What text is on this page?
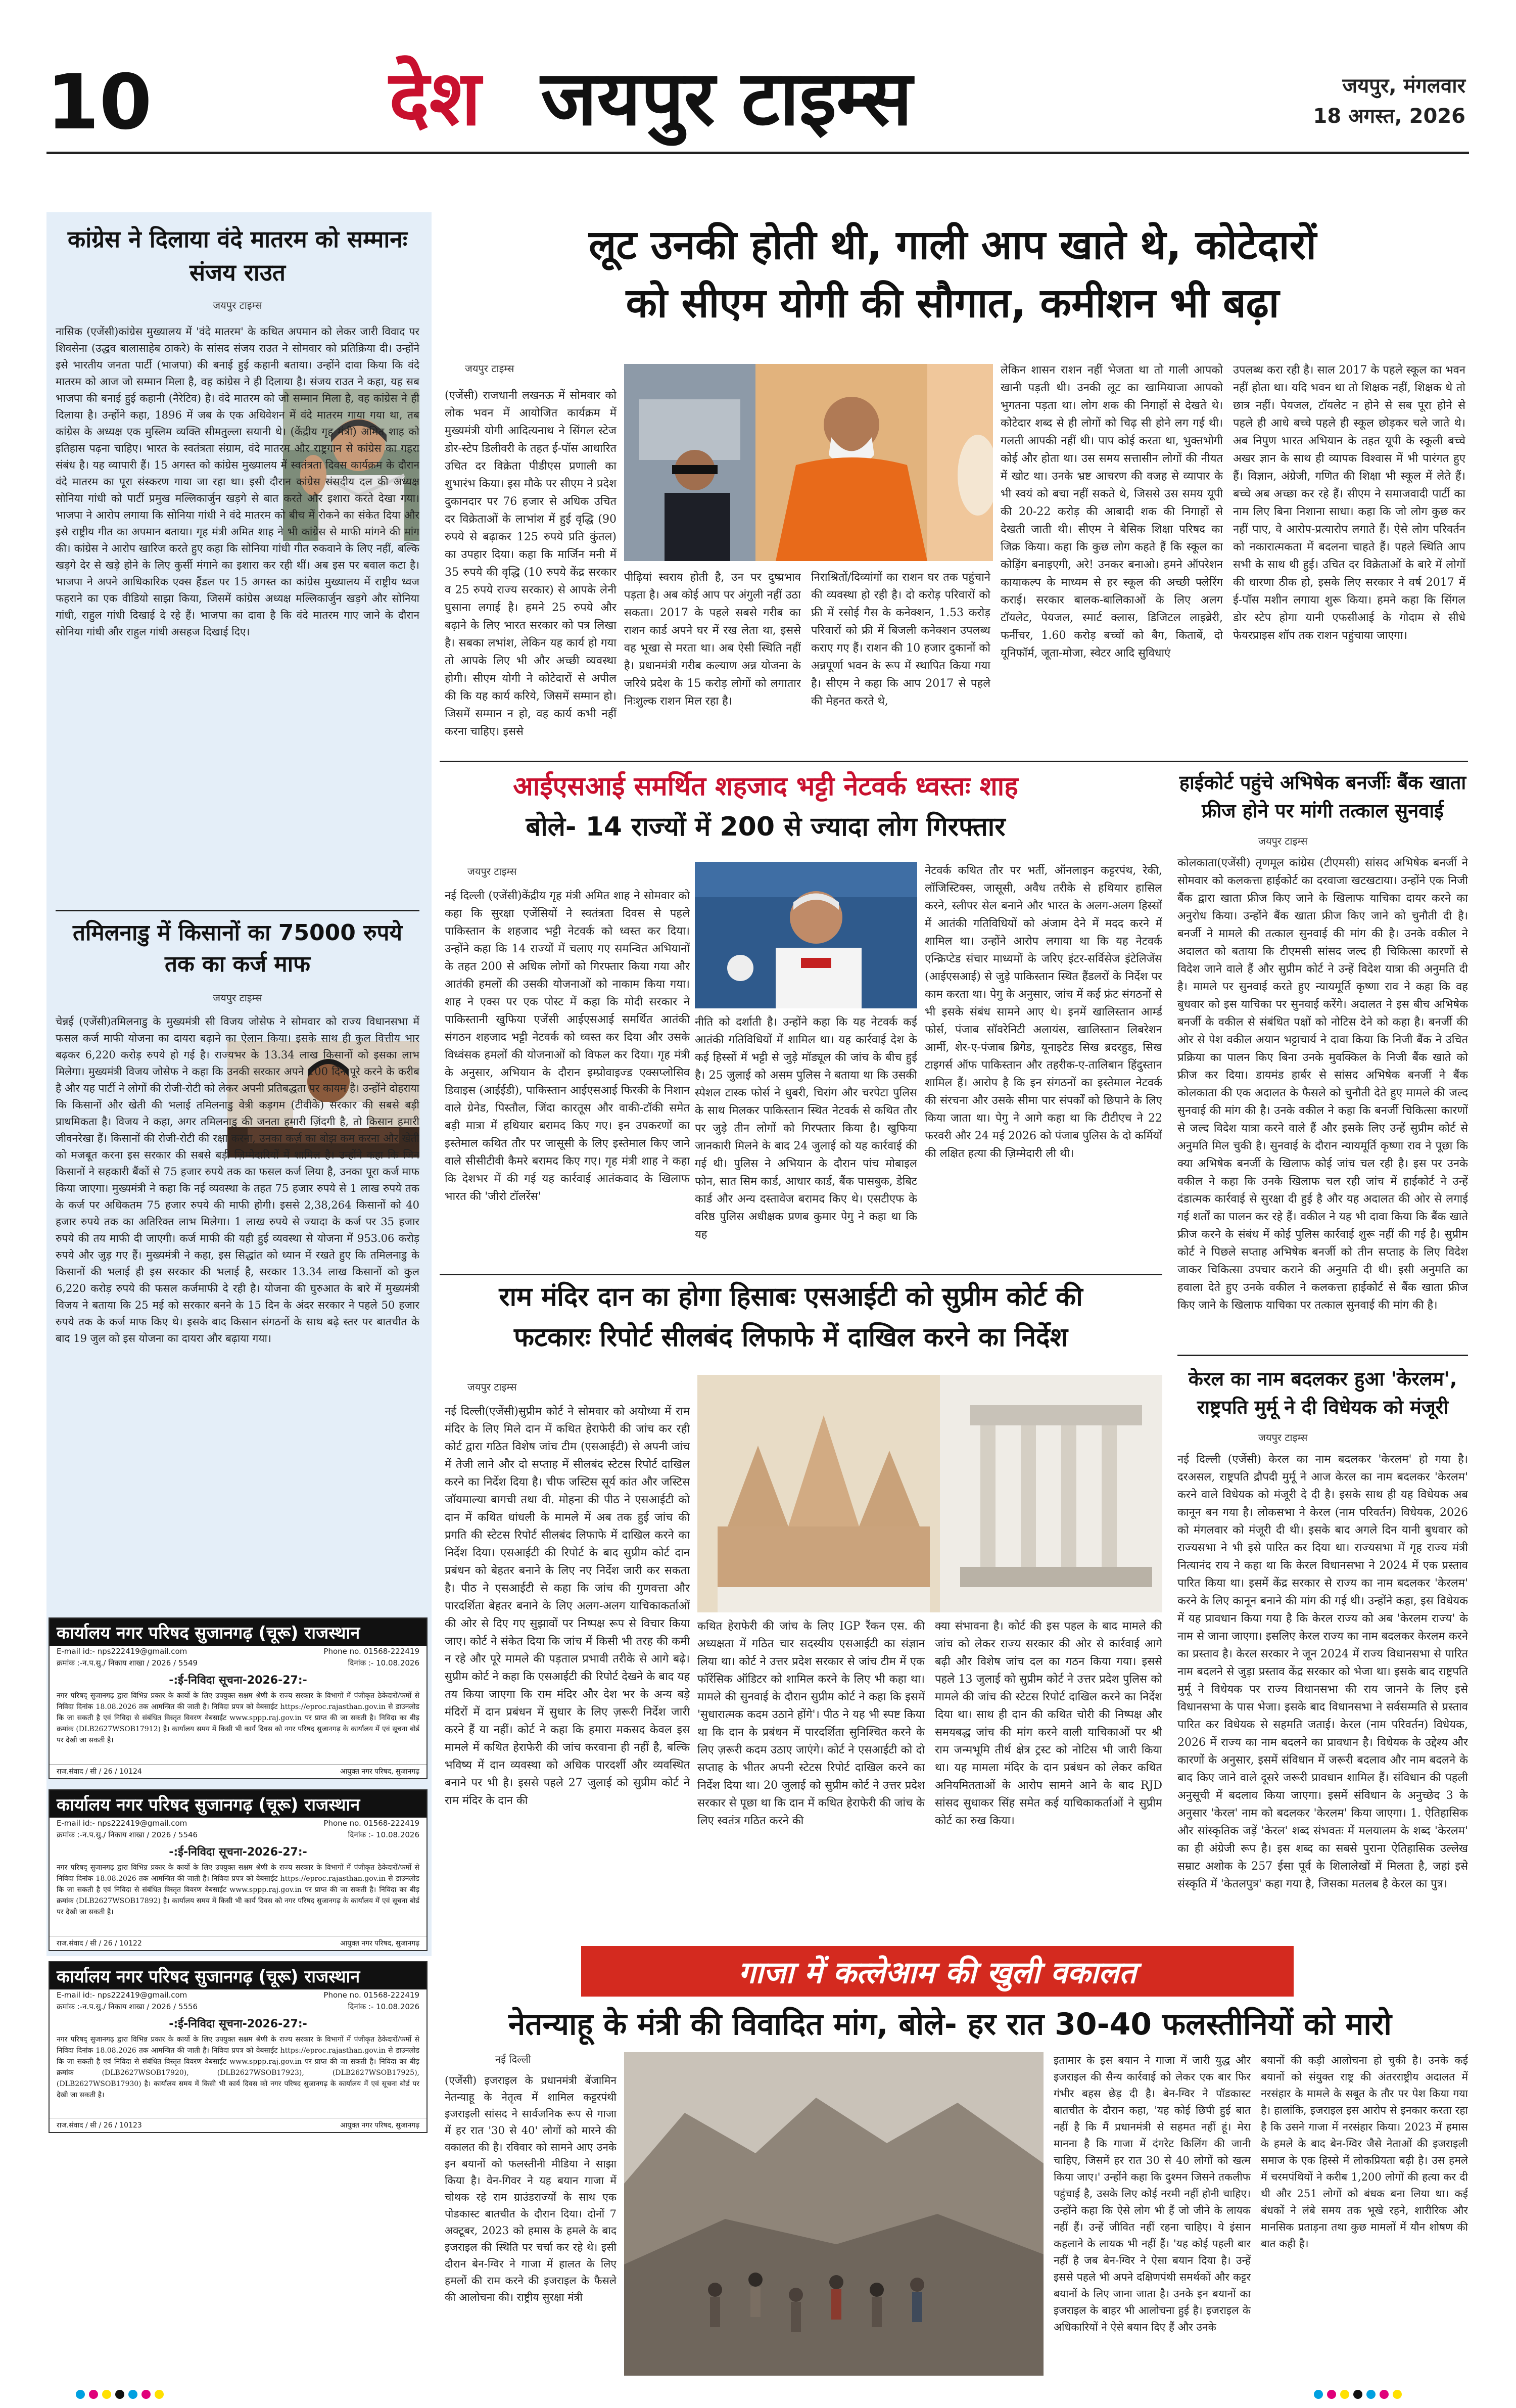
10	देश जयपुर टाइम्स	जयपुर, मंगलवार
18 अगस्त, 2026
कांग्रेस ने दिलाया वंदे मातरम को सम्मानः संजय राउत
जयपुर टाइम्स
नासिक (एजेंसी)कांग्रेस मुख्यालय में 'वंदे मातरम' के कथित अपमान को लेकर जारी विवाद पर शिवसेना (उद्धव बालासाहेब ठाकरे) के सांसद संजय राउत ने सोमवार को प्रतिक्रिया दी। उन्होंने इसे भारतीय जनता पार्टी (भाजपा) की बनाई हुई कहानी बताया। उन्होंने दावा किया कि वंदे मातरम को आज जो सम्मान मिला है, वह कांग्रेस ने ही दिलाया है। संजय राउत ने कहा, यह सब भाजपा की बनाई हुई कहानी (नैरेटिव) है। वंदे मातरम को जो सम्मान मिला है, वह कांग्रेस ने ही दिलाया है। उन्होंने कहा, 1896 में जब के एक अधिवेशन में वंदे मातरम गाया गया था, तब कांग्रेस के अध्यक्ष एक मुस्लिम व्यक्ति सीमतुल्ला सयानी थे। (केंद्रीय गृह मंत्री) अमित शाह को इतिहास पढ़ना चाहिए। भारत के स्वतंत्रता संग्राम, वंदे मातरम और राष्ट्रगान से कांग्रेस का गहरा संबंध है। यह व्यापारी हैं। 15 अगस्त को कांग्रेस मुख्यालय में स्वतंत्रता दिवस कार्यक्रम के दौरान वंदे मातरम का पूरा संस्करण गाया जा रहा था। इसी दौरान कांग्रेस संसदीय दल की अध्यक्ष सोनिया गांधी को पार्टी प्रमुख मल्लिकार्जुन खड़गे से बात करते और इशारा करते देखा गया। भाजपा ने आरोप लगाया कि सोनिया गांधी ने वंदे मातरम को बीच में रोकने का संकेत दिया और इसे राष्ट्रीय गीत का अपमान बताया। गृह मंत्री अमित शाह ने भी कांग्रेस से माफी मांगने की मांग की। कांग्रेस ने आरोप खारिज करते हुए कहा कि सोनिया गांधी गीत रुकवाने के लिए नहीं, बल्कि खड़गे देर से खड़े होने के लिए कुर्सी मंगाने का इशारा कर रही थीं। अब इस पर बवाल कटा है। भाजपा ने अपने आधिकारिक एक्स हैंडल पर 15 अगस्त का कांग्रेस मुख्यालय में राष्ट्रीय ध्वज फहराने का एक वीडियो साझा किया, जिसमें कांग्रेस अध्यक्ष मल्लिकार्जुन खड़गे और सोनिया गांधी, राहुल गांधी दिखाई दे रहे हैं। भाजपा का दावा है कि वंदे मातरम गाए जाने के दौरान सोनिया गांधी और राहुल गांधी असहज दिखाई दिए।
तमिलनाडु में किसानों का 75000 रुपये तक का कर्ज माफ
जयपुर टाइम्स
चेन्नई (एजेंसी)तमिलनाडु के मुख्यमंत्री सी विजय जोसेफ ने सोमवार को राज्य विधानसभा में फसल कर्ज माफी योजना का दायरा बढ़ाने का ऐलान किया। इसके साथ ही कुल वित्तीय भार बढ़कर 6,220 करोड़ रुपये हो गई है। राज्यभर के 13.34 लाख किसानों को इसका लाभ मिलेगा। मुख्यमंत्री विजय जोसेफ ने कहा कि उनकी सरकार अपने 100 दिन पूरे करने के करीब है और यह पार्टी ने लोगों की रोजी-रोटी को लेकर अपनी प्रतिबद्धता पर कायम है। उन्होंने दोहराया कि किसानों और खेती की भलाई तमिलनाडु वेत्री कड़गम (टीवीके) सरकार की सबसे बड़ी प्राथमिकता है। विजय ने कहा, अगर तमिलनाडु की जनता हमारी ज़िंदगी है, तो किसान हमारी जीवनरेखा हैं। किसानों की रोजी-रोटी की रक्षा करना, उनका कर्ज़ का बोझ कम करना और खेती को मजबूत करना इस सरकार की सबसे बड़ी ज़िम्मेदारियों में शामिल है। उन्होंने कहा कि जिन किसानों ने सहकारी बैंकों से 75 हजार रुपये तक का फसल कर्ज लिया है, उनका पूरा कर्ज माफ किया जाएगा। मुख्यमंत्री ने कहा कि नई व्यवस्था के तहत 75 हजार रुपये से 1 लाख रुपये तक के कर्ज पर अधिकतम 75 हजार रुपये की माफी होगी। इससे 2,38,264 किसानों को 40 हजार रुपये तक का अतिरिक्त लाभ मिलेगा। 1 लाख रुपये से ज्यादा के कर्ज पर 35 हजार रुपये की तय माफी दी जाएगी। कर्ज माफी की यही हुई व्यवस्था से योजना में 953.06 करोड़ रुपये और जुड़ गए हैं। मुख्यमंत्री ने कहा, इस सिद्धांत को ध्यान में रखते हुए कि तमिलनाडु के किसानों की भलाई ही इस सरकार की भलाई है, सरकार 13.34 लाख किसानों को कुल 6,220 करोड़ रुपये की फसल कर्जमाफी दे रही है। योजना की घुरुआत के बारे में मुख्यमंत्री विजय ने बताया कि 25 मई को सरकार बनने के 15 दिन के अंदर सरकार ने पहले 50 हजार रुपये तक के कर्ज माफ किए थे। इसके बाद किसान संगठनों के साथ बढ़े स्तर पर बातचीत के बाद 19 जुल को इस योजना का दायरा और बढ़ाया गया।
कार्यालय नगर परिषद सुजानगढ़ (चूरू) राजस्थान
E-mail id:- nps222419@gmail.com	Phone no. 01568-222419
क्रमांक :-न.प.सु./ निकाय शाखा / 2026 / 5549	दिनांक :- 10.08.2026
-:ई-निविदा सूचना-2026-27:-
नगर परिषद् सुजानगढ़ द्वारा विभिन्न प्रकार के कार्यो के लिए उपयुक्त सक्षम श्रेणी के राज्य सरकार के विभागों में पंजीकृत ठेकेदारों/फर्मो से निविदा दिनांक 18.08.2026 तक आमन्त्रित की जाती है। निविदा प्रपत्र को वेबसाईट https://eproc.rajasthan.gov.in से डाउनलोड कि जा सकती है एवं निविदा से संबंधित विस्तृत विवरण वेबसाईट www.sppp.raj.gov.in पर प्राप्त की जा सकती है। निविदा का बीड़ क्रमांक (DLB2627WSOB17912) है। कार्यालय समय में किसी भी कार्य दिवस को नगर परिषद सुजानगढ़ के कार्यालय में एवं सूचना बोर्ड पर देखी जा सकती है।
राज.संवाद / सी / 26 / 10124	आयुक्त नगर परिषद, सुजानगढ़
कार्यालय नगर परिषद सुजानगढ़ (चूरू) राजस्थान
E-mail id:- nps222419@gmail.com	Phone no. 01568-222419
क्रमांक :-न.प.सु./ निकाय शाखा / 2026 / 5546	दिनांक :- 10.08.2026
-:ई-निविदा सूचना-2026-27:-
नगर परिषद् सुजानगढ़ द्वारा विभिन्न प्रकार के कार्यो के लिए उपयुक्त सक्षम श्रेणी के राज्य सरकार के विभागों में पंजीकृत ठेकेदारों/फर्मो से निविदा दिनांक 18.08.2026 तक आमन्त्रित की जाती है। निविदा प्रपत्र को वेबसाईट https://eproc.rajasthan.gov.in से डाउनलोड कि जा सकती है एवं निविदा से संबंधित विस्तृत विवरण वेबसाईट www.sppp.raj.gov.in पर प्राप्त की जा सकती है। निविदा का बीड़ क्रमांक (DLB2627WSOB17892) है। कार्यालय समय में किसी भी कार्य दिवस को नगर परिषद सुजानगढ़ के कार्यालय में एवं सूचना बोर्ड पर देखी जा सकती है।
राज.संवाद / सी / 26 / 10122	आयुक्त नगर परिषद, सुजानगढ़
कार्यालय नगर परिषद सुजानगढ़ (चूरू) राजस्थान
E-mail id:- nps222419@gmail.com	Phone no. 01568-222419
क्रमांक :-न.प.सु./ निकाय शाखा / 2026 / 5556	दिनांक :- 10.08.2026
-:ई-निविदा सूचना-2026-27:-
नगर परिषद् सुजानगढ़ द्वारा विभिन्न प्रकार के कार्यो के लिए उपयुक्त सक्षम श्रेणी के राज्य सरकार के विभागों में पंजीकृत ठेकेदारों/फर्मो से निविदा दिनांक 18.08.2026 तक आमन्त्रित की जाती है। निविदा प्रपत्र को वेबसाईट https://eproc.rajasthan.gov.in से डाउनलोड कि जा सकती है एवं निविदा से संबंधित विस्तृत विवरण वेबसाईट www.sppp.raj.gov.in पर प्राप्त की जा सकती है। निविदा का बीड़ क्रमांक (DLB2627WSOB17920), (DLB2627WSOB17923), (DLB2627WSOB17925), (DLB2627WSOB17930) है। कार्यालय समय में किसी भी कार्य दिवस को नगर परिषद सुजानगढ़ के कार्यालय में एवं सूचना बोर्ड पर देखी जा सकती है।
राज.संवाद / सी / 26 / 10123	आयुक्त नगर परिषद, सुजानगढ़
लूट उनकी होती थी, गाली आप खाते थे, कोटेदारों
को सीएम योगी की सौगात, कमीशन भी बढ़ा
जयपुर टाइम्स
(एजेंसी) राजधानी लखनऊ में सोमवार को लोक भवन में आयोजित कार्यक्रम में मुख्यमंत्री योगी आदित्यनाथ ने सिंगल स्टेज डोर-स्टेप डिलीवरी के तहत ई-पॉस आधारित उचित दर विक्रेता पीडीएस प्रणाली का शुभारंभ किया। इस मौके पर सीएम ने प्रदेश दुकानदार पर 76 हजार से अधिक उचित दर विक्रेताओं के लाभांश में हुई वृद्धि (90 रुपये से बढ़ाकर 125 रुपये प्रति कुंतल) का उपहार दिया। कहा कि मार्जिन मनी में 35 रुपये की वृद्धि (10 रुपये केंद्र सरकार व 25 रुपये राज्य सरकार) से आपके लेनी घुसाना लगाई है। हमने 25 रुपये और बढ़ाने के लिए भारत सरकार को पत्र लिखा है। सबका लभांश, लेकिन यह कार्य हो गया तो आपके लिए भी और अच्छी व्यवस्था होगी। सीएम योगी ने कोटेदारों से अपील की कि यह कार्य करिये, जिसमें सम्मान हो। जिसमें सम्मान न हो, वह कार्य कभी नहीं करना चाहिए। इससे
पीढ़ियां स्वराय होती है, उन पर दुष्प्रभाव पड़ता है। अब कोई आप पर अंगुली नहीं उठा सकता। 2017 के पहले सबसे गरीब का राशन कार्ड अपने घर में रख लेता था, इससे वह भूखा से मरता था। अब ऐसी स्थिति नहीं है। प्रधानमंत्री गरीब कल्याण अन्न योजना के जरिये प्रदेश के 15 करोड़ लोगों को लगातार निःशुल्क राशन मिल रहा है।
निराश्रितों/दिव्यांगों का राशन घर तक पहुंचाने की व्यवस्था हो रही है। दो करोड़ परिवारों को फ्री में रसोई गैस के कनेक्शन, 1.53 करोड़ परिवारों को फ्री में बिजली कनेक्शन उपलब्ध कराए गए हैं। राशन की 10 हजार दुकानों को अन्नपूर्णा भवन के रूप में स्थापित किया गया है। सीएम ने कहा कि आप 2017 से पहले की मेहनत करते थे,
लेकिन शासन राशन नहीं भेजता था तो गाली आपको खानी पड़ती थी। उनकी लूट का खामियाजा आपको भुगतना पड़ता था। लोग शक की निगाहों से देखते थे। कोटेदार शब्द से ही लोगों को चिढ़ सी होने लग गई थी। गलती आपकी नहीं थी। पाप कोई करता था, भुक्तभोगी कोई और होता था। उस समय सत्तासीन लोगों की नीयत में खोट था। उनके भ्रष्ट आचरण की वजह से व्यापार के भी स्वयं को बचा नहीं सकते थे, जिससे उस समय यूपी की 20-22 करोड़ की आबादी शक की निगाहों से देखती जाती थी। सीएम ने बेसिक शिक्षा परिषद का जिक्र किया। कहा कि कुछ लोग कहते हैं कि स्कूल का कोड़िंग बनाइएगी, अरे! उनकर बनाओ। हमने ऑपरेशन कायाकल्प के माध्यम से हर स्कूल की अच्छी फ्लेरिंग कराई। सरकार बालक-बालिकाओं के लिए अलग टॉयलेट, पेयजल, स्मार्ट क्लास, डिजिटल लाइब्रेरी, फर्नीचर, 1.60 करोड़ बच्चों को बैग, किताबें, दो यूनिफॉर्म, जूता-मोजा, स्वेटर आदि सुविधाएं
उपलब्ध करा रही है। साल 2017 के पहले स्कूल का भवन नहीं होता था। यदि भवन था तो शिक्षक नहीं, शिक्षक थे तो छात्र नहीं। पेयजल, टॉयलेट न होने से सब पूरा होने से पहले ही आधे बच्चे पहले ही स्कूल छोड़कर चले जाते थे। अब निपुण भारत अभियान के तहत यूपी के स्कूली बच्चे अखर ज्ञान के साथ ही व्यापक विश्वास में भी पारंगत हुए हैं। विज्ञान, अंग्रेजी, गणित की शिक्षा भी स्कूल में लेते हैं। बच्चे अब अच्छा कर रहे हैं। सीएम ने समाजवादी पार्टी का नाम लिए बिना निशाना साधा। कहा कि जो लोग कुछ कर नहीं पाए, वे आरोप-प्रत्यारोप लगाते हैं। ऐसे लोग परिवर्तन को नकारात्मकता में बदलना चाहते हैं। पहले स्थिति आप सभी के साथ थी हुई। उचित दर विक्रेताओं के बारे में लोगों की धारणा ठीक हो, इसके लिए सरकार ने वर्ष 2017 में ई-पॉस मशीन लगाया शुरू किया। हमने कहा कि सिंगल डोर स्टेप होगा यानी एफसीआई के गोदाम से सीधे फेयरप्राइस शॉप तक राशन पहुंचाया जाएगा।
आईएसआई समर्थित शहजाद भट्टी नेटवर्क ध्वस्तः शाह
बोले- 14 राज्यों में 200 से ज्यादा लोग गिरफ्तार
जयपुर टाइम्स
नई दिल्ली (एजेंसी)केंद्रीय गृह मंत्री अमित शाह ने सोमवार को कहा कि सुरक्षा एजेंसियों ने स्वतंत्रता दिवस से पहले पाकिस्तान के शहजाद भट्टी नेटवर्क को ध्वस्त कर दिया। उन्होंने कहा कि 14 राज्यों में चलाए गए समन्वित अभियानों के तहत 200 से अधिक लोगों को गिरफ्तार किया गया और आतंकी हमलों की उसकी योजनाओं को नाकाम किया गया। शाह ने एक्स पर एक पोस्ट में कहा कि मोदी सरकार ने पाकिस्तानी खुफिया एजेंसी आईएसआई समर्थित आतंकी संगठन शहजाद भट्टी नेटवर्क को ध्वस्त कर दिया और उसके विध्वंसक हमलों की योजनाओं को विफल कर दिया। गृह मंत्री के अनुसार, अभियान के दौरान इम्प्रोवाइज्ड एक्सप्लोसिव डिवाइस (आईईडी), पाकिस्तान आईएसआई फिरकी के निशान वाले ग्रेनेड, पिस्तौल, जिंदा कारतूस और वाकी-टॉकी समेत बड़ी मात्रा में हथियार बरामद किए गए। इन उपकरणों का इस्तेमाल कथित तौर पर जासूसी के लिए इस्तेमाल किए जाने वाले सीसीटीवी कैमरे बरामद किए गए। गृह मंत्री शाह ने कहा कि देशभर में की गई यह कार्रवाई आतंकवाद के खिलाफ भारत की 'जीरो टॉलरेंस'
नीति को दर्शाती है। उन्होंने कहा कि यह नेटवर्क कई आतंकी गतिविधियों में शामिल था। यह कार्रवाई देश के कई हिस्सों में भट्टी से जुड़े मॉड्यूल की जांच के बीच हुई है। 25 जुलाई को असम पुलिस ने बताया था कि उसकी स्पेशल टास्क फोर्स ने धुबरी, चिरांग और चरपेटा पुलिस के साथ मिलकर पाकिस्तान स्थित नेटवर्क से कथित तौर पर जुड़े तीन लोगों को गिरफ्तार किया है। खुफिया जानकारी मिलने के बाद 24 जुलाई को यह कार्रवाई की गई थी। पुलिस ने अभियान के दौरान पांच मोबाइल फोन, सात सिम कार्ड, आधार कार्ड, बैंक पासबुक, डेबिट कार्ड और अन्य दस्तावेज बरामद किए थे। एसटीएफ के वरिष्ठ पुलिस अधीक्षक प्रणब कुमार पेगु ने कहा था कि यह
नेटवर्क कथित तौर पर भर्ती, ऑनलाइन कट्टरपंथ, रेकी, लॉजिस्टिक्स, जासूसी, अवैध तरीके से हथियार हासिल करने, स्लीपर सेल बनाने और भारत के अलग-अलग हिस्सों में आतंकी गतिविधियों को अंजाम देने में मदद करने में शामिल था। उन्होंने आरोप लगाया था कि यह नेटवर्क एन्क्रिप्टेड संचार माध्यमों के जरिए इंटर-सर्विसेज इंटेलिजेंस (आईएसआई) से जुड़े पाकिस्तान स्थित हैंडलरों के निर्देश पर काम करता था। पेगु के अनुसार, जांच में कई फ्रंट संगठनों से भी इसके संबंध सामने आए थे। इनमें खालिस्तान आर्म्ड फोर्स, पंजाब सॉवरेनिटी अलायंस, खालिस्तान लिबरेशन आर्मी, शेर-ए-पंजाब ब्रिगेड, यूनाइटेड सिख ब्रदरहुड, सिख टाइगर्स ऑफ पाकिस्तान और तहरीक-ए-तालिबान हिंदुस्तान शामिल हैं। आरोप है कि इन संगठनों का इस्तेमाल नेटवर्क की संरचना और उसके सीमा पार संपर्कों को छिपाने के लिए किया जाता था। पेगु ने आगे कहा था कि टीटीएच ने 22 फरवरी और 24 मई 2026 को पंजाब पुलिस के दो कर्मियों की लक्षित हत्या की ज़िम्मेदारी ली थी।
हाईकोर्ट पहुंचे अभिषेक बनर्जीः बैंक खाता फ्रीज होने पर मांगी तत्काल सुनवाई
जयपुर टाइम्स
कोलकाता(एजेंसी) तृणमूल कांग्रेस (टीएमसी) सांसद अभिषेक बनर्जी ने सोमवार को कलकत्ता हाईकोर्ट का दरवाजा खटखटाया। उन्होंने एक निजी बैंक द्वारा खाता फ्रीज किए जाने के खिलाफ याचिका दायर करने का अनुरोध किया। उन्होंने बैंक खाता फ्रीज किए जाने को चुनौती दी है। बनर्जी ने मामले की तत्काल सुनवाई की मांग की है। उनके वकील ने अदालत को बताया कि टीएमसी सांसद जल्द ही चिकित्सा कारणों से विदेश जाने वाले हैं और सुप्रीम कोर्ट ने उन्हें विदेश यात्रा की अनुमति दी है। मामले पर सुनवाई करते हुए न्यायमूर्ति कृष्णा राव ने कहा कि वह बुधवार को इस याचिका पर सुनवाई करेंगे। अदालत ने इस बीच अभिषेक बनर्जी के वकील से संबंधित पक्षों को नोटिस देने को कहा है। बनर्जी की ओर से पेश वकील अयान भट्टाचार्य ने दावा किया कि निजी बैंक ने उचित प्रक्रिया का पालन किए बिना उनके मुवक्किल के निजी बैंक खाते को फ्रीज कर दिया। डायमंड हार्बर से सांसद अभिषेक बनर्जी ने बैंक कोलकाता की एक अदालत के फैसले को चुनौती देते हुए मामले की जल्द सुनवाई की मांग की है। उनके वकील ने कहा कि बनर्जी चिकित्सा कारणों से जल्द विदेश यात्रा करने वाले हैं और इसके लिए उन्हें सुप्रीम कोर्ट से अनुमति मिल चुकी है। सुनवाई के दौरान न्यायमूर्ति कृष्णा राव ने पूछा कि क्या अभिषेक बनर्जी के खिलाफ कोई जांच चल रही है। इस पर उनके वकील ने कहा कि उनके खिलाफ चल रही जांच में हाईकोर्ट ने उन्हें दंडात्मक कार्रवाई से सुरक्षा दी हुई है और यह अदालत की ओर से लगाई गई शर्तों का पालन कर रहे हैं। वकील ने यह भी दावा किया कि बैंक खाते फ्रीज करने के संबंध में कोई पुलिस कार्रवाई शुरू नहीं की गई है। सुप्रीम कोर्ट ने पिछले सप्ताह अभिषेक बनर्जी को तीन सप्ताह के लिए विदेश जाकर चिकित्सा उपचार कराने की अनुमति दी थी। इसी अनुमति का हवाला देते हुए उनके वकील ने कलकत्ता हाईकोर्ट से बैंक खाता फ्रीज किए जाने के खिलाफ याचिका पर तत्काल सुनवाई की मांग की है।
राम मंदिर दान का होगा हिसाबः एसआईटी को सुप्रीम कोर्ट की
फटकारः रिपोर्ट सीलबंद लिफाफे में दाखिल करने का निर्देश
जयपुर टाइम्स
नई दिल्ली(एजेंसी)सुप्रीम कोर्ट ने सोमवार को अयोध्या में राम मंदिर के लिए मिले दान में कथित हेराफेरी की जांच कर रही कोर्ट द्वारा गठित विशेष जांच टीम (एसआईटी) से अपनी जांच में तेजी लाने और दो सप्ताह में सीलबंद स्टेटस रिपोर्ट दाखिल करने का निर्देश दिया है। चीफ जस्टिस सूर्य कांत और जस्टिस जॉयमाल्या बागची तथा वी. मोहना की पीठ ने एसआईटी को दान में कथित धांधली के मामले में अब तक हुई जांच की प्रगति की स्टेटस रिपोर्ट सीलबंद लिफाफे में दाखिल करने का निर्देश दिया। एसआईटी की रिपोर्ट के बाद सुप्रीम कोर्ट दान प्रबंधन को बेहतर बनाने के लिए नए निर्देश जारी कर सकता है। पीठ ने एसआईटी से कहा कि जांच की गुणवत्ता और पारदर्शिता बेहतर बनाने के लिए अलग-अलग याचिकाकर्ताओं की ओर से दिए गए सुझावों पर निष्पक्ष रूप से विचार किया जाए। कोर्ट ने संकेत दिया कि जांच में किसी भी तरह की कमी न रहे और पूरे मामले की पड़ताल प्रभावी तरीके से आगे बढ़े। सुप्रीम कोर्ट ने कहा कि एसआईटी की रिपोर्ट देखने के बाद यह तय किया जाएगा कि राम मंदिर और देश भर के अन्य बड़े मंदिरों में दान प्रबंधन में सुधार के लिए ज़रूरी निर्देश जारी करने हैं या नहीं। कोर्ट ने कहा कि हमारा मकसद केवल इस मामले में कथित हेराफेरी की जांच करवाना ही नहीं है, बल्कि भविष्य में दान व्यवस्था को अधिक पारदर्शी और व्यवस्थित बनाने पर भी है। इससे पहले 27 जुलाई को सुप्रीम कोर्ट ने राम मंदिर के दान की
कथित हेराफेरी की जांच के लिए IGP रैंकन एस. की अध्यक्षता में गठित चार सदस्यीय एसआईटी का संज्ञान लिया था। कोर्ट ने उत्तर प्रदेश सरकार से जांच टीम में एक फॉरेंसिक ऑडिटर को शामिल करने के लिए भी कहा था। मामले की सुनवाई के दौरान सुप्रीम कोर्ट ने कहा कि इसमें 'सुधारात्मक कदम उठाने होंगे'। पीठ ने यह भी स्पष्ट किया था कि दान के प्रबंधन में पारदर्शिता सुनिश्चित करने के लिए ज़रूरी कदम उठाए जाएंगे। कोर्ट ने एसआईटी को दो सप्ताह के भीतर अपनी स्टेटस रिपोर्ट दाखिल करने का निर्देश दिया था। 20 जुलाई को सुप्रीम कोर्ट ने उत्तर प्रदेश सरकार से पूछा था कि दान में कथित हेराफेरी की जांच के लिए स्वतंत्र गठित करने की
क्या संभावना है। कोर्ट की इस पहल के बाद मामले की जांच को लेकर राज्य सरकार की ओर से कार्रवाई आगे बढ़ी और विशेष जांच दल का गठन किया गया। इससे पहले 13 जुलाई को सुप्रीम कोर्ट ने उत्तर प्रदेश पुलिस को मामले की जांच की स्टेटस रिपोर्ट दाखिल करने का निर्देश दिया था। साथ ही दान की कथित चोरी की निष्पक्ष और समयबद्ध जांच की मांग करने वाली याचिकाओं पर श्री राम जन्मभूमि तीर्थ क्षेत्र ट्रस्ट को नोटिस भी जारी किया था। यह मामला मंदिर के दान प्रबंधन को लेकर कथित अनियमितताओं के आरोप सामने आने के बाद RJD सांसद सुधाकर सिंह समेत कई याचिकाकर्ताओं ने सुप्रीम कोर्ट का रुख किया।
केरल का नाम बदलकर हुआ 'केरलम', राष्ट्रपति मुर्मू ने दी विधेयक को मंजूरी
जयपुर टाइम्स
नई दिल्ली (एजेंसी) केरल का नाम बदलकर 'केरलम' हो गया है। दरअसल, राष्ट्रपति द्रौपदी मुर्मू ने आज केरल का नाम बदलकर 'केरलम' करने वाले विधेयक को मंजूरी दे दी है। इसके साथ ही यह विधेयक अब कानून बन गया है। लोकसभा ने केरल (नाम परिवर्तन) विधेयक, 2026 को मंगलवार को मंजूरी दी थी। इसके बाद अगले दिन यानी बुधवार को राज्यसभा ने भी इसे पारित कर दिया था। राज्यसभा में गृह राज्य मंत्री नित्यानंद राय ने कहा था कि केरल विधानसभा ने 2024 में एक प्रस्ताव पारित किया था। इसमें केंद्र सरकार से राज्य का नाम बदलकर 'केरलम' करने के लिए कानून बनाने की मांग की गई थी। उन्होंने कहा, इस विधेयक में यह प्रावधान किया गया है कि केरल राज्य को अब 'केरलम राज्य' के नाम से जाना जाएगा। इसलिए केरल राज्य का नाम बदलकर केरलम करने का प्रस्ताव है। केरल सरकार ने जून 2024 में राज्य विधानसभा से पारित नाम बदलने से जुड़ा प्रस्ताव केंद्र सरकार को भेजा था। इसके बाद राष्ट्रपति मुर्मू ने विधेयक पर राज्य विधानसभा की राय जानने के लिए इसे विधानसभा के पास भेजा। इसके बाद विधानसभा ने सर्वसम्मति से प्रस्ताव पारित कर विधेयक से सहमति जताई। केरल (नाम परिवर्तन) विधेयक, 2026 में राज्य का नाम बदलने का प्रावधान है। विधेयक के उद्देश्य और कारणों के अनुसार, इसमें संविधान में जरूरी बदलाव और नाम बदलने के बाद किए जाने वाले दूसरे जरूरी प्रावधान शामिल हैं। संविधान की पहली अनुसूची में बदलाव किया जाएगा। इसमें संविधान के अनुच्छेद 3 के अनुसार 'केरल' नाम को बदलकर 'केरलम' किया जाएगा। 1. ऐतिहासिक और सांस्कृतिक जड़ें 'केरल' शब्द संभवतः में मलयालम के शब्द 'केरलम' का ही अंग्रेजी रूप है। इस शब्द का सबसे पुराना ऐतिहासिक उल्लेख सम्राट अशोक के 257 ईसा पूर्व के शिलालेखों में मिलता है, जहां इसे संस्कृति में 'केतलपुत्र' कहा गया है, जिसका मतलब है केरल का पुत्र।
गाजा में कत्लेआम की खुली वकालत
नेतन्याहू के मंत्री की विवादित मांग, बोले- हर रात 30-40 फलस्तीनियों को मारो
नई दिल्ली
(एजेंसी) इजराइल के प्रधानमंत्री बेंजामिन नेतन्याहू के नेतृत्व में शामिल कट्टरपंथी इजराइली सांसद ने सार्वजनिक रूप से गाजा में हर रात '30 से 40' लोगों को मारने की वकालत की है। रविवार को सामने आए उनके इन बयानों को फलस्तीनी मीडिया ने साझा किया है। वेन-गिवर ने यह बयान गाजा में चोथक रहे राम ग्राउंडराज्यों के साथ एक पोडकास्ट बातचीत के दौरान दिया। दोनों 7 अक्टूबर, 2023 को हमास के हमले के बाद इजराइल की स्थिति पर चर्चा कर रहे थे। इसी दौरान बेन-ग्विर ने गाजा में हालत के लिए हमलों की राम करने की इजराइल के फैसले की आलोचना की। राष्ट्रीय सुरक्षा मंत्री
इतामार के इस बयान ने गाजा में जारी युद्ध और इजराइल की सैन्य कार्रवाई को लेकर एक बार फिर गंभीर बहस छेड़ दी है। बेन-ग्विर ने पॉडकास्ट बातचीत के दौरान कहा, 'यह कोई छिपी हुई बात नहीं है कि मैं प्रधानमंत्री से सहमत नहीं हूं। मेरा मानना है कि गाजा में दंगरेट किलिंग की जानी चाहिए, जिसमें हर रात 30 से 40 लोगों को खत्म किया जाए।' उन्होंने कहा कि दुश्मन जिसने तकलीफ पहुंचाई है, उसके लिए कोई नरमी नहीं होनी चाहिए। उन्होंने कहा कि ऐसे लोग भी हैं जो जीने के लायक नहीं हैं। उन्हें जीवित नहीं रहना चाहिए। ये इंसान कहलाने के लायक भी नहीं हैं। 'यह कोई पहली बार नहीं है जब बेन-ग्विर ने ऐसा बयान दिया है। उन्हें इससे पहले भी अपने दक्षिणपंथी समर्थकों और कट्टर बयानों के लिए जाना जाता है। उनके इन बयानों का इजराइल के बाहर भी आलोचना हुई है। इजराइल के अधिकारियों ने ऐसे बयान दिए हैं और उनके
बयानों की कड़ी आलोचना हो चुकी है। उनके कई बयानों को संयुक्त राष्ट्र की अंतरराष्ट्रीय अदालत में नरसंहार के मामले के सबूत के तौर पर पेश किया गया है। हालांकि, इजराइल इस आरोप से इनकार करता रहा है कि उसने गाजा में नरसंहार किया। 2023 में हमास के हमले के बाद बेन-ग्विर जैसे नेताओं की इजराइली समाज के एक हिस्से में लोकप्रियता बढ़ी है। उस हमले में चरमपंथियों ने करीब 1,200 लोगों की हत्या कर दी थी और 251 लोगों को बंधक बना लिया था। कई बंधकों ने लंबे समय तक भूखे रहने, शारीरिक और मानसिक प्रताड़ना तथा कुछ मामलों में यौन शोषण की बात कही है।
